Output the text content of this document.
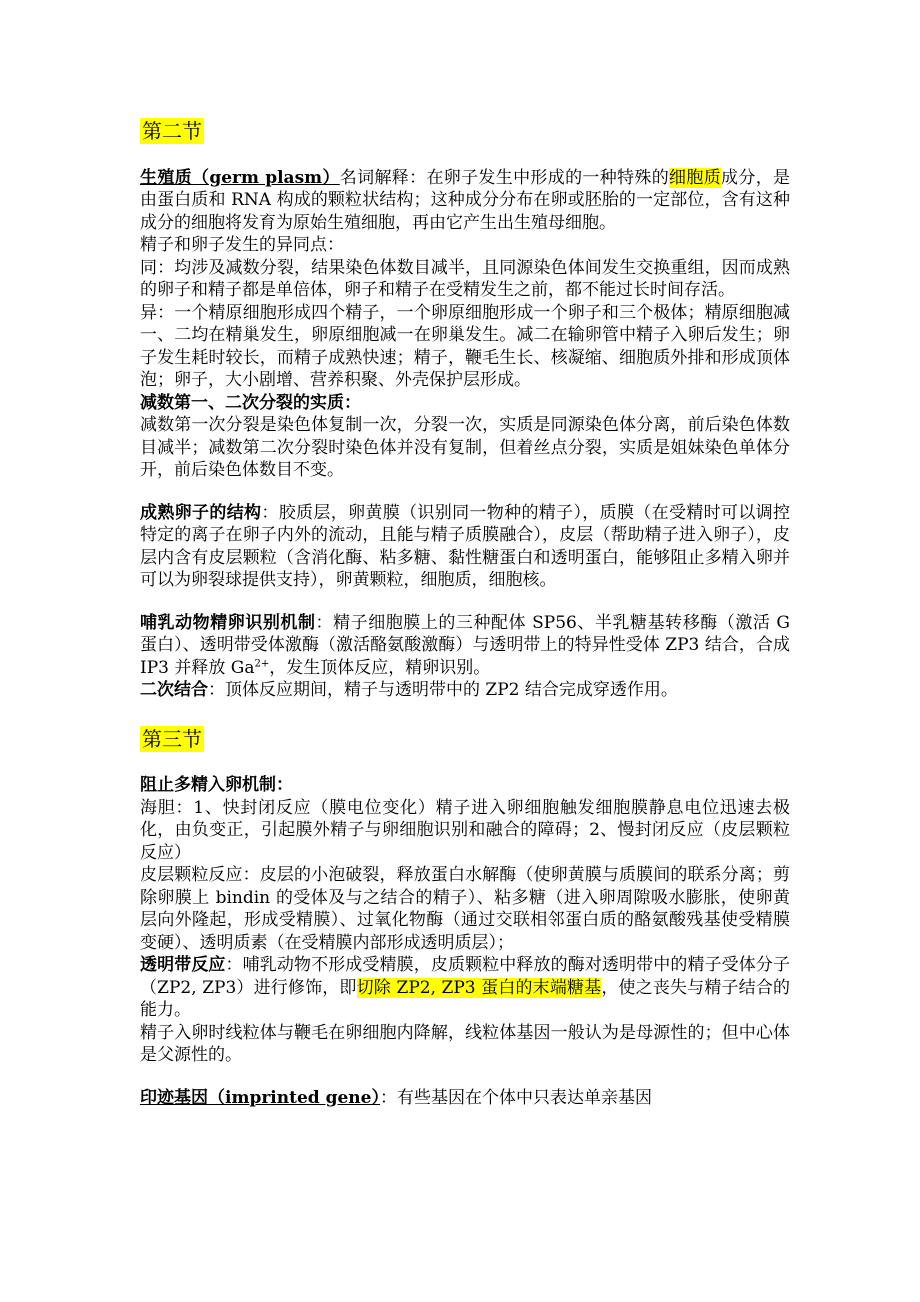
第二节

生殖质（germ plasm）名词解释：在卵子发生中形成的一种特殊的细胞质成分，是由蛋白质和 RNA 构成的颗粒状结构；这种成分分布在卵或胚胎的一定部位，含有这种成分的细胞将发育为原始生殖细胞，再由它产生出生殖母细胞。

精子和卵子发生的异同点：

同：均涉及减数分裂，结果染色体数目减半，且同源染色体间发生交换重组，因而成熟的卵子和精子都是单倍体，卵子和精子在受精发生之前，都不能过长时间存活。

异：一个精原细胞形成四个精子，一个卵原细胞形成一个卵子和三个极体；精原细胞减一、二均在精巢发生，卵原细胞减一在卵巢发生。减二在输卵管中精子入卵后发生；卵子发生耗时较长，而精子成熟快速；精子，鞭毛生长、核凝缩、细胞质外排和形成顶体泡；卵子，大小剧增、营养积聚、外壳保护层形成。

减数第一、二次分裂的实质：

减数第一次分裂是染色体复制一次，分裂一次，实质是同源染色体分离，前后染色体数目减半；减数第二次分裂时染色体并没有复制，但着丝点分裂，实质是姐妹染色单体分开，前后染色体数目不变。

成熟卵子的结构：胶质层，卵黄膜（识别同一物种的精子），质膜（在受精时可以调控特定的离子在卵子内外的流动，且能与精子质膜融合），皮层（帮助精子进入卵子），皮层内含有皮层颗粒（含消化酶、粘多糖、黏性糖蛋白和透明蛋白，能够阻止多精入卵并可以为卵裂球提供支持），卵黄颗粒，细胞质，细胞核。

哺乳动物精卵识别机制：精子细胞膜上的三种配体 SP56、半乳糖基转移酶（激活 G 蛋白）、透明带受体激酶（激活酪氨酸激酶）与透明带上的特异性受体 ZP3 结合，合成 IP3 并释放 $Ga^{2+}$，发生顶体反应，精卵识别。

二次结合：顶体反应期间，精子与透明带中的 ZP2 结合完成穿透作用。

第三节

阻止多精入卵机制：

海胆：1、快封闭反应（膜电位变化）精子进入卵细胞触发细胞膜静息电位迅速去极化，由负变正，引起膜外精子与卵细胞识别和融合的障碍；2、慢封闭反应（皮层颗粒反应）

皮层颗粒反应：皮层的小泡破裂，释放蛋白水解酶（使卵黄膜与质膜间的联系分离；剪除卵膜上 bindin 的受体及与之结合的精子）、粘多糖（进入卵周隙吸水膨胀，使卵黄层向外隆起，形成受精膜）、过氧化物酶（通过交联相邻蛋白质的酪氨酸残基使受精膜变硬）、透明质素（在受精膜内部形成透明质层）；

透明带反应：哺乳动物不形成受精膜，皮质颗粒中释放的酶对透明带中的精子受体分子（ZP2, ZP3）进行修饰，即切除 ZP2, ZP3 蛋白的末端糖基，使之丧失与精子结合的能力。

精子入卵时线粒体与鞭毛在卵细胞内降解，线粒体基因一般认为是母源性的；但中心体是父源性的。

印迹基因（imprinted gene）：有些基因在个体中只表达单亲基因
